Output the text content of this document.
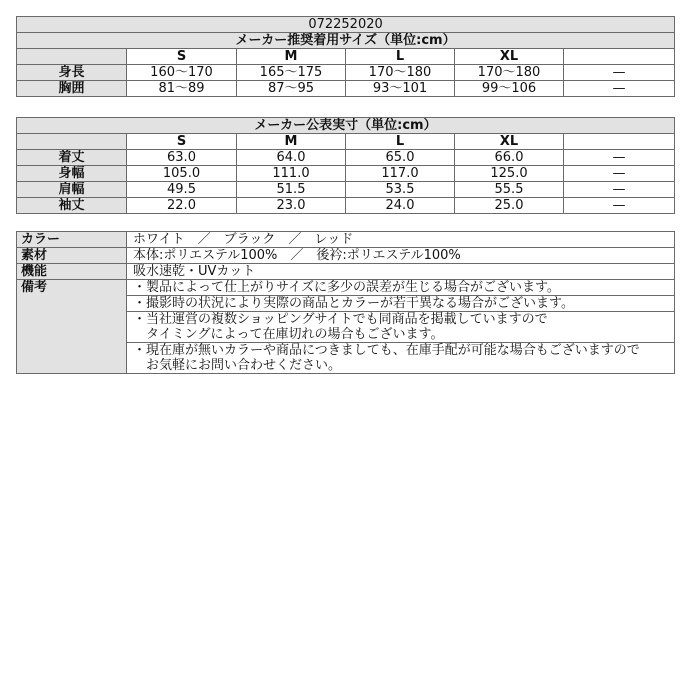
072252020					
メーカー推奨着用サイズ（単位:cm）					
	S	M	L	XL	
身長	160〜170	165〜175	170〜180	170〜180	—
胸囲	81〜89	87〜95	93〜101	99〜106	—
メーカー公表実寸（単位:cm）					
	S	M	L	XL	
着丈	63.0	64.0	65.0	66.0	—
身幅	105.0	111.0	117.0	125.0	—
肩幅	49.5	51.5	53.5	55.5	—
袖丈	22.0	23.0	24.0	25.0	—
カラー	ホワイト　／　ブラック　／　レッド
素材	本体:ポリエステル100%　／　後衿:ポリエステル100%
機能	吸水速乾・UVカット
備考	・製品によって仕上がりサイズに多少の誤差が生じる場合がございます。

	・撮影時の状況により実際の商品とカラーが若干異なる場合がございます。

	・当社運営の複数ショッピングサイトでも同商品を掲載していますので
　タイミングによって在庫切れの場合もございます。

	・現在庫が無いカラーや商品につきましても、在庫手配が可能な場合もございますので
　お気軽にお問い合わせください。
